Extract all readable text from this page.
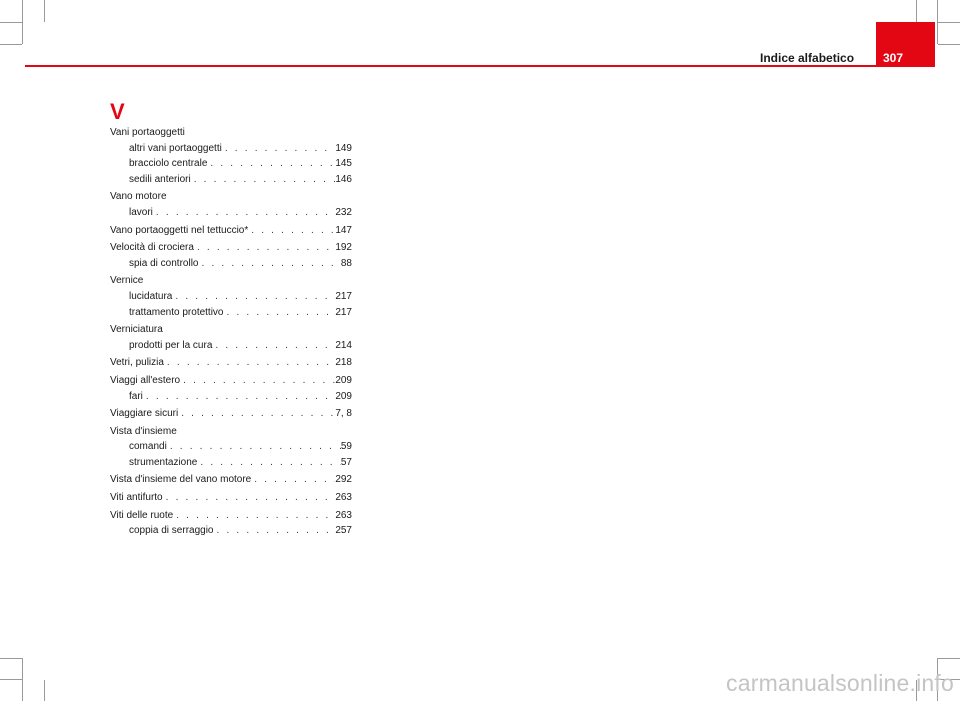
Indice alfabetico 307
V
Vani portaoggetti
altri vani portaoggetti . . .	149
bracciolo centrale . . .	145
sedili anteriori . . .	146
Vano motore
lavori . . .	232
Vano portaoggetti nel tettuccio* . . .	147
Velocità di crociera . . .	192
spia di controllo . . .	88
Vernice
lucidatura . . .	217
trattamento protettivo . . .	217
Verniciatura
prodotti per la cura . . .	214
Vetri, pulizia . . .	218
Viaggi all'estero . . .	209
fari . . .	209
Viaggiare sicuri . . .	7, 8
Vista d'insieme
comandi . . .	59
strumentazione . . .	57
Vista d'insieme del vano motore . . .	292
Viti antifurto . . .	263
Viti delle ruote . . .	263
coppia di serraggio . . .	257
carmanualsonline.info
